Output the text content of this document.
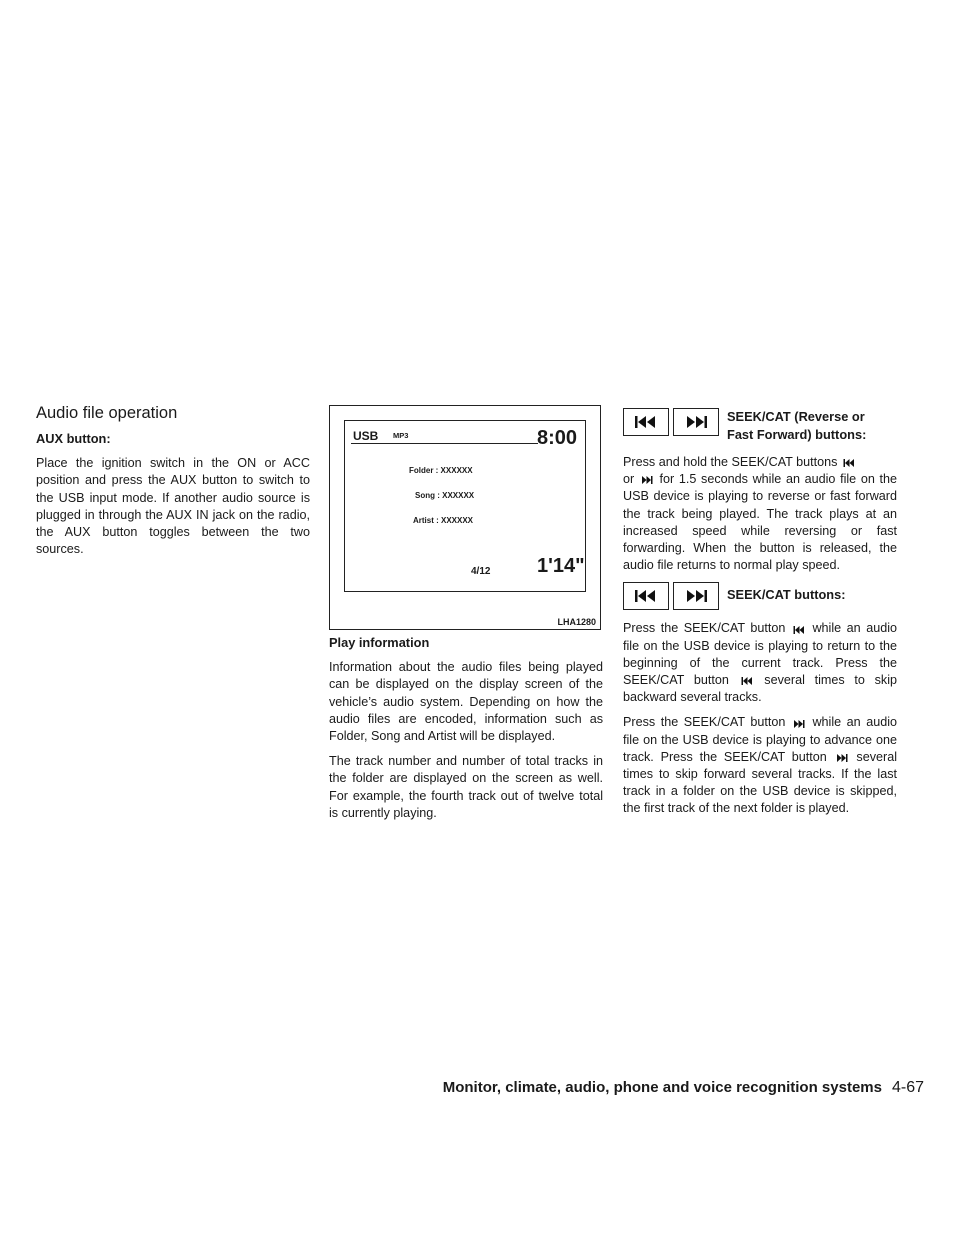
Audio file operation

AUX button:

Place the ignition switch in the ON or ACC position and press the AUX button to switch to the USB input mode. If another audio source is plugged in through the AUX IN jack on the radio, the AUX button toggles between the two sources.

USB MP3	8:00
Folder : XXXXXX
Song : XXXXXX
Artist : XXXXXX
4/12 1'14"
LHA1280

Play information

Information about the audio files being played can be displayed on the display screen of the vehicle’s audio system. Depending on how the audio files are encoded, information such as Folder, Song and Artist will be displayed.

The track number and number of total tracks in the folder are displayed on the screen as well. For example, the fourth track out of twelve total is currently playing.

SEEK/CAT (Reverse or
Fast Forward) buttons:

Press and hold the SEEK/CAT buttons
or for 1.5 seconds while an audio file on the USB device is playing to reverse or fast forward the track being played. The track plays at an increased speed while reversing or fast forwarding. When the button is released, the audio file returns to normal play speed.

SEEK/CAT buttons:

Press the SEEK/CAT button while an audio file on the USB device is playing to return to the beginning of the current track. Press the SEEK/CAT button	several times to skip backward several tracks.

Press the SEEK/CAT button while an audio file on the USB device is playing to advance one track. Press the SEEK/CAT button several times to skip forward several tracks. If the last track in a folder on the USB device is skipped, the first track of the next folder is played.

Monitor, climate, audio, phone and voice recognition systems 4-67
